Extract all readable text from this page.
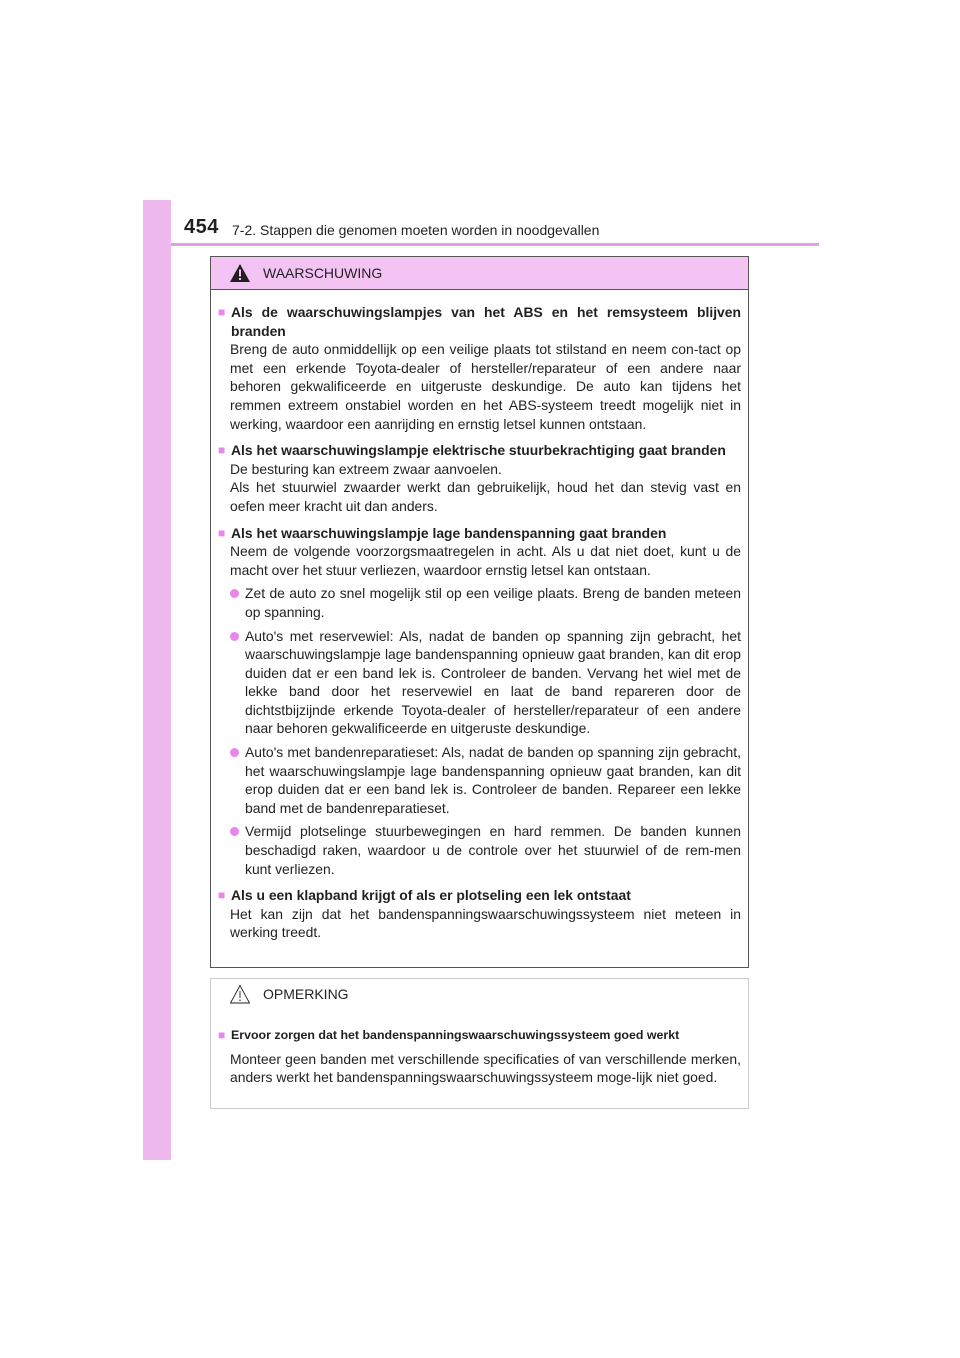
454 7-2. Stappen die genomen moeten worden in noodgevallen
WAARSCHUWING
■ Als de waarschuwingslampjes van het ABS en het remsysteem blijven branden
Breng de auto onmiddellijk op een veilige plaats tot stilstand en neem con-tact op met een erkende Toyota-dealer of hersteller/reparateur of een andere naar behoren gekwalificeerde en uitgeruste deskundige. De auto kan tijdens het remmen extreem onstabiel worden en het ABS-systeem treedt mogelijk niet in werking, waardoor een aanrijding en ernstig letsel kunnen ontstaan.
■ Als het waarschuwingslampje elektrische stuurbekrachtiging gaat branden
De besturing kan extreem zwaar aanvoelen.
Als het stuurwiel zwaarder werkt dan gebruikelijk, houd het dan stevig vast en oefen meer kracht uit dan anders.
■ Als het waarschuwingslampje lage bandenspanning gaat branden
Neem de volgende voorzorgsmaatregelen in acht. Als u dat niet doet, kunt u de macht over het stuur verliezen, waardoor ernstig letsel kan ontstaan.
Zet de auto zo snel mogelijk stil op een veilige plaats. Breng de banden meteen op spanning.
Auto's met reservewiel: Als, nadat de banden op spanning zijn gebracht, het waarschuwingslampje lage bandenspanning opnieuw gaat branden, kan dit erop duiden dat er een band lek is. Controleer de banden. Vervang het wiel met de lekke band door het reservewiel en laat de band repareren door de dichtstbijzijnde erkende Toyota-dealer of hersteller/reparateur of een andere naar behoren gekwalificeerde en uitgeruste deskundige.
Auto's met bandenreparatieset: Als, nadat de banden op spanning zijn gebracht, het waarschuwingslampje lage bandenspanning opnieuw gaat branden, kan dit erop duiden dat er een band lek is. Controleer de banden. Repareer een lekke band met de bandenreparatieset.
Vermijd plotselinge stuurbewegingen en hard remmen. De banden kunnen beschadigd raken, waardoor u de controle over het stuurwiel of de rem-men kunt verliezen.
■ Als u een klapband krijgt of als er plotseling een lek ontstaat
Het kan zijn dat het bandenspanningswaarschuwingssysteem niet meteen in werking treedt.
OPMERKING
■ Ervoor zorgen dat het bandenspanningswaarschuwingssysteem goed werkt
Monteer geen banden met verschillende specificaties of van verschillende merken, anders werkt het bandenspanningswaarschuwingssysteem moge-lijk niet goed.
